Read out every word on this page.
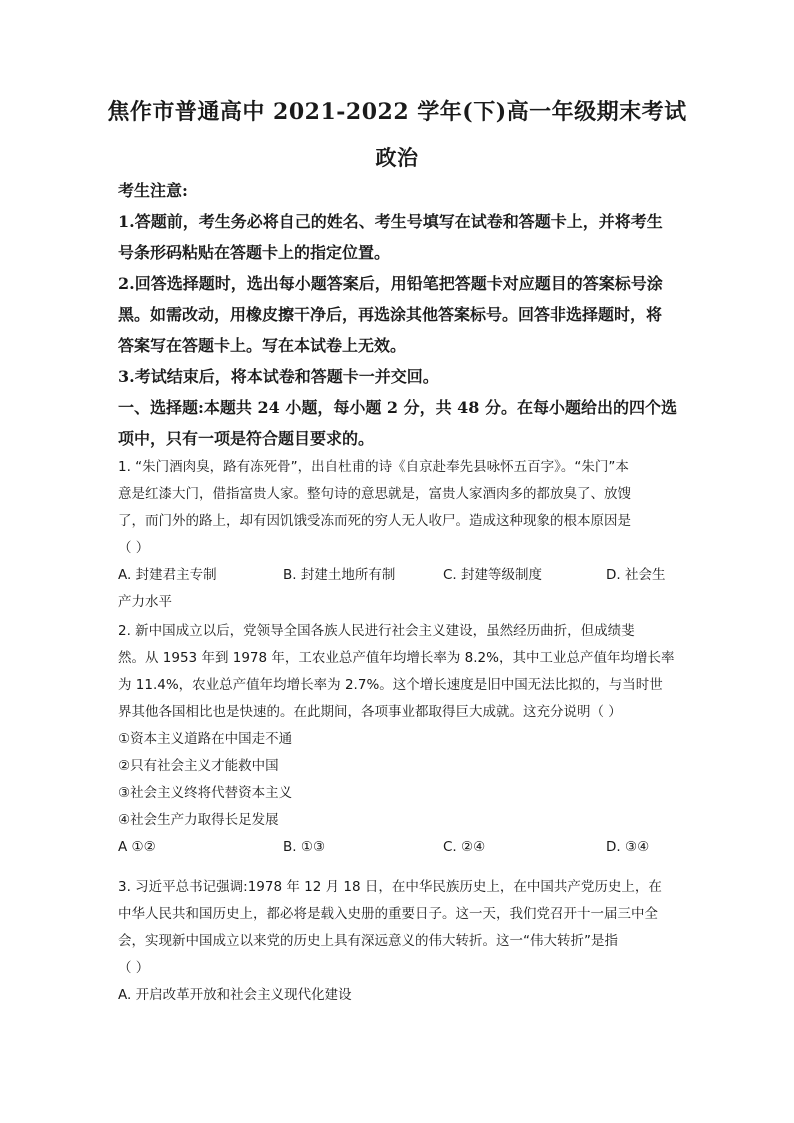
焦作市普通高中 2021-2022 学年(下)高一年级期末考试
政治
考生注意:
1.答题前，考生务必将自己的姓名、考生号填写在试卷和答题卡上，并将考生
号条形码粘贴在答题卡上的指定位置。
2.回答选择题时，选出每小题答案后，用铅笔把答题卡对应题目的答案标号涂
黑。如需改动，用橡皮擦干净后，再选涂其他答案标号。回答非选择题时，将
答案写在答题卡上。写在本试卷上无效。
3.考试结束后，将本试卷和答题卡一并交回。
一、选择题:本题共 24 小题，每小题 2 分，共 48 分。在每小题给出的四个选
项中，只有一项是符合题目要求的。
1. “朱门酒肉臭，路有冻死骨”，出自杜甫的诗《自京赴奉先县咏怀五百字》。“朱门”本
意是红漆大门，借指富贵人家。整句诗的意思就是，富贵人家酒肉多的都放臭了、放馊
了，而门外的路上，却有因饥饿受冻而死的穷人无人收尸。造成这种现象的根本原因是
（ ）
A. 封建君主专制	B. 封建土地所有制	C. 封建等级制度	D. 社会生
产力水平
2. 新中国成立以后，党领导全国各族人民进行社会主义建设，虽然经历曲折，但成绩斐
然。从 1953 年到 1978 年，工农业总产值年均增长率为 8.2%，其中工业总产值年均增长率
为 11.4%，农业总产值年均增长率为 2.7%。这个增长速度是旧中国无法比拟的，与当时世
界其他各国相比也是快速的。在此期间，各项事业都取得巨大成就。这充分说明（ ）
①资本主义道路在中国走不通
②只有社会主义才能救中国
③社会主义终将代替资本主义
④社会生产力取得长足发展
A ①②	B. ①③	C. ②④	D. ③④
3. 习近平总书记强调:1978 年 12 月 18 日，在中华民族历史上，在中国共产党历史上，在
中华人民共和国历史上，都必将是载入史册的重要日子。这一天，我们党召开十一届三中全
会，实现新中国成立以来党的历史上具有深远意义的伟大转折。这一“伟大转折”是指
（ ）
A. 开启改革开放和社会主义现代化建设
